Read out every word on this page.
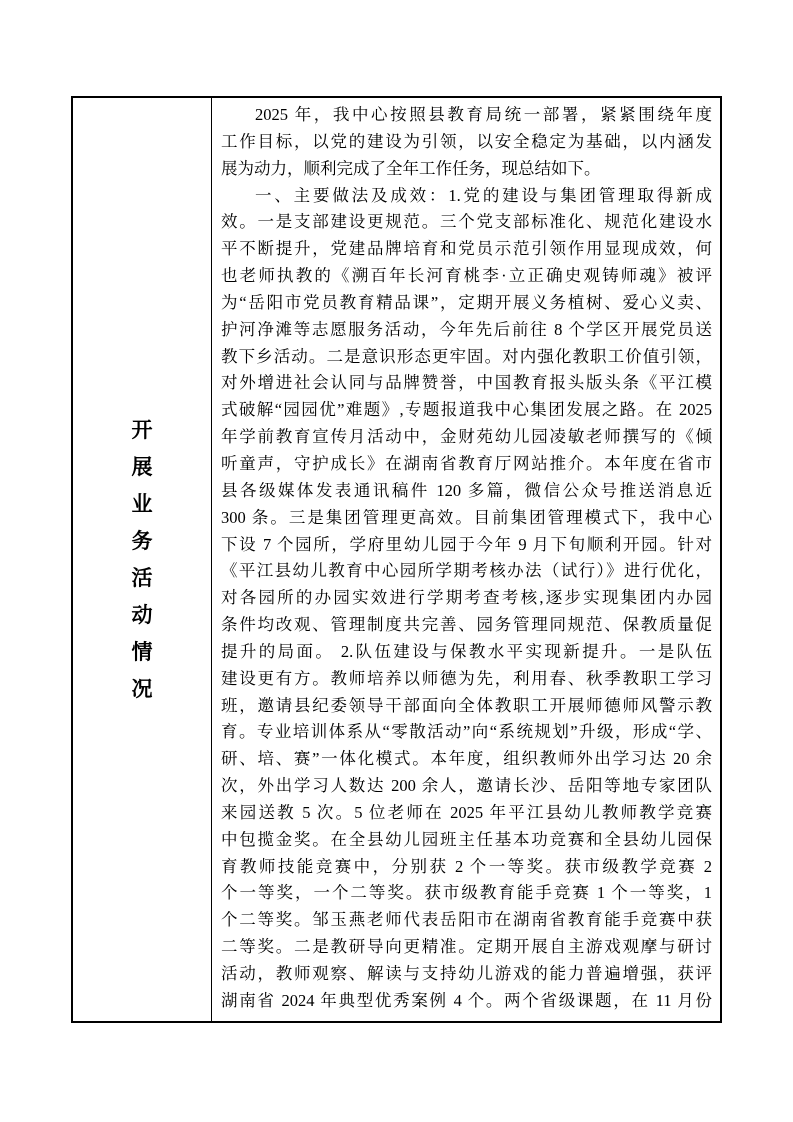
开
展
业
务
活
动
情
况
2025 年，我中心按照县教育局统一部署，紧紧围绕年度
工作目标，以党的建设为引领，以安全稳定为基础，以内涵发
展为动力，顺利完成了全年工作任务，现总结如下。
一、主要做法及成效：1.党的建设与集团管理取得新成
效。一是支部建设更规范。三个党支部标准化、规范化建设水
平不断提升，党建品牌培育和党员示范引领作用显现成效，何
也老师执教的《溯百年长河育桃李·立正确史观铸师魂》被评
为“岳阳市党员教育精品课”，定期开展义务植树、爱心义卖、
护河净滩等志愿服务活动，今年先后前往 8 个学区开展党员送
教下乡活动。二是意识形态更牢固。对内强化教职工价值引领，
对外增进社会认同与品牌赞誉，中国教育报头版头条《平江模
式破解“园园优”难题》,专题报道我中心集团发展之路。在 2025
年学前教育宣传月活动中，金财苑幼儿园凌敏老师撰写的《倾
听童声，守护成长》在湖南省教育厅网站推介。本年度在省市
县各级媒体发表通讯稿件 120 多篇，微信公众号推送消息近
300 条。三是集团管理更高效。目前集团管理模式下，我中心
下设 7 个园所，学府里幼儿园于今年 9 月下旬顺利开园。针对
《平江县幼儿教育中心园所学期考核办法（试行）》进行优化，
对各园所的办园实效进行学期考查考核,逐步实现集团内办园
条件均改观、管理制度共完善、园务管理同规范、保教质量促
提升的局面。 2.队伍建设与保教水平实现新提升。一是队伍
建设更有方。教师培养以师德为先，利用春、秋季教职工学习
班，邀请县纪委领导干部面向全体教职工开展师德师风警示教
育。专业培训体系从“零散活动”向“系统规划”升级，形成“学、
研、培、赛”一体化模式。本年度，组织教师外出学习达 20 余
次，外出学习人数达 200 余人，邀请长沙、岳阳等地专家团队
来园送教 5 次。5 位老师在 2025 年平江县幼儿教师教学竞赛
中包揽金奖。在全县幼儿园班主任基本功竞赛和全县幼儿园保
育教师技能竞赛中，分别获 2 个一等奖。获市级教学竞赛 2
个一等奖，一个二等奖。获市级教育能手竞赛 1 个一等奖，1
个二等奖。邹玉燕老师代表岳阳市在湖南省教育能手竞赛中获
二等奖。二是教研导向更精准。定期开展自主游戏观摩与研讨
活动，教师观察、解读与支持幼儿游戏的能力普遍增强，获评
湖南省 2024 年典型优秀案例 4 个。两个省级课题，在 11 月份
